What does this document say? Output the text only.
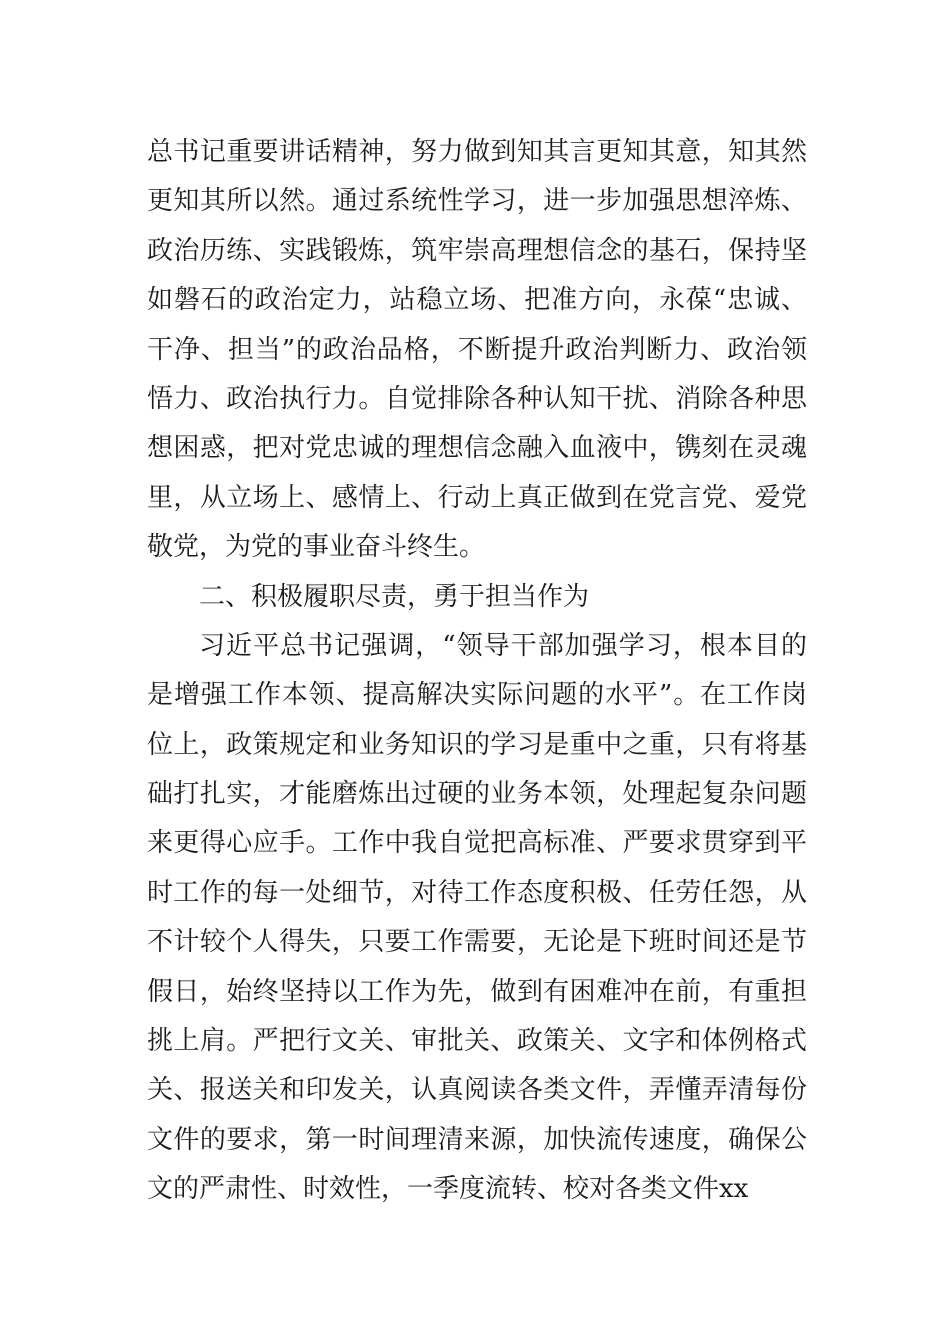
总书记重要讲话精神，努力做到知其言更知其意，知其然
更知其所以然。通过系统性学习，进一步加强思想淬炼、
政治历练、实践锻炼，筑牢崇高理想信念的基石，保持坚
如磐石的政治定力，站稳立场、把准方向，永葆“忠诚、
干净、担当”的政治品格，不断提升政治判断力、政治领
悟力、政治执行力。自觉排除各种认知干扰、消除各种思
想困惑，把对党忠诚的理想信念融入血液中，镌刻在灵魂
里，从立场上、感情上、行动上真正做到在党言党、爱党
敬党，为党的事业奋斗终生。
二、积极履职尽责，勇于担当作为
习近平总书记强调，“领导干部加强学习，根本目的
是增强工作本领、提高解决实际问题的水平”。在工作岗
位上，政策规定和业务知识的学习是重中之重，只有将基
础打扎实，才能磨炼出过硬的业务本领，处理起复杂问题
来更得心应手。工作中我自觉把高标准、严要求贯穿到平
时工作的每一处细节，对待工作态度积极、任劳任怨，从
不计较个人得失，只要工作需要，无论是下班时间还是节
假日，始终坚持以工作为先，做到有困难冲在前，有重担
挑上肩。严把行文关、审批关、政策关、文字和体例格式
关、报送关和印发关，认真阅读各类文件，弄懂弄清每份
文件的要求，第一时间理清来源，加快流传速度，确保公
文的严肃性、时效性，一季度流转、校对各类文件xx
